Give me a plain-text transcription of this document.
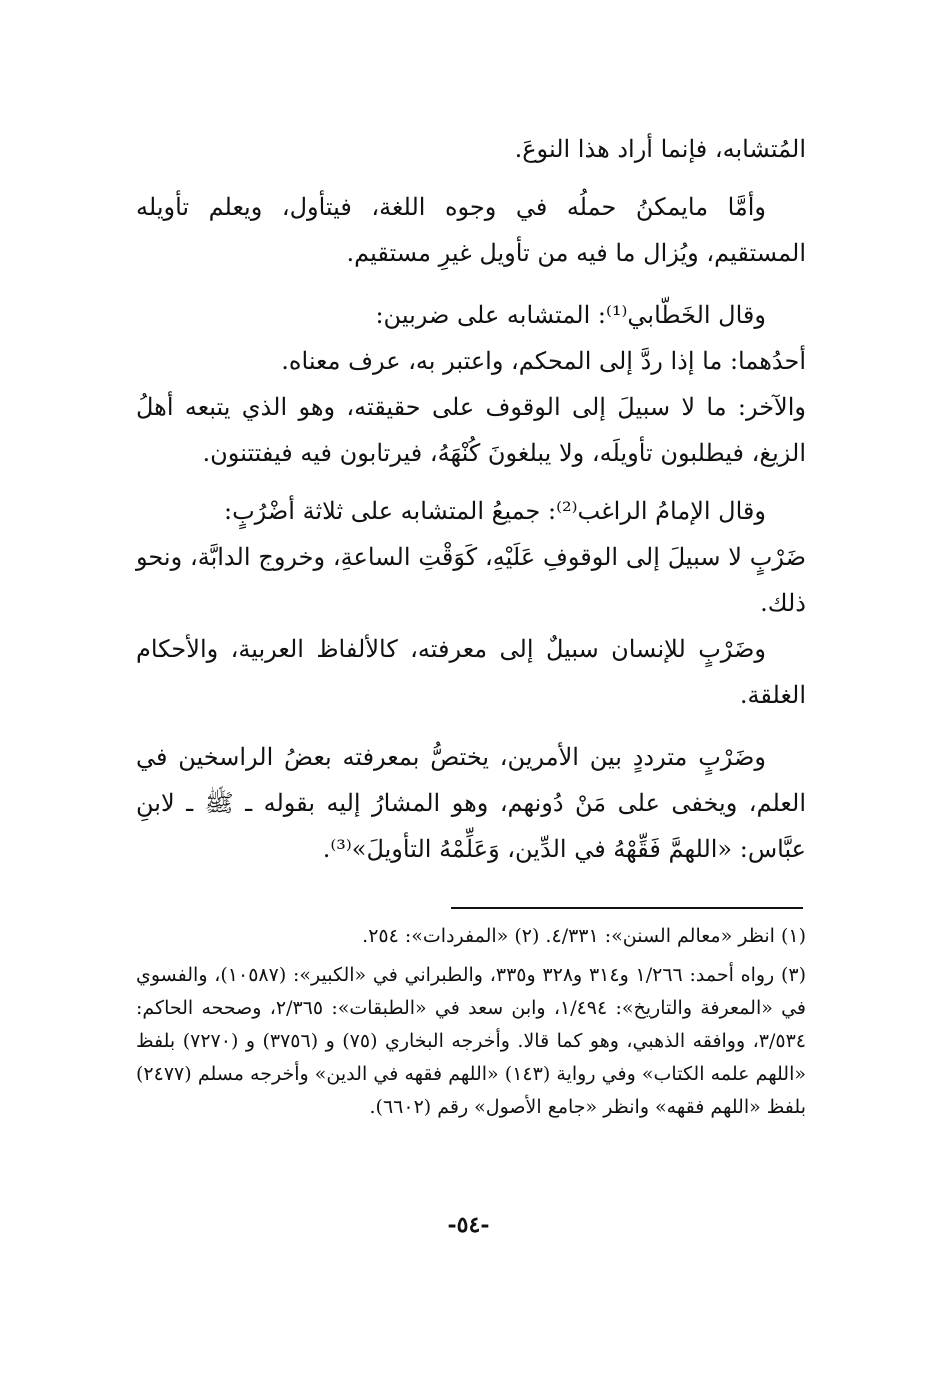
المُتشابه، فإنما أراد هذا النوعَ.

وأمَّا مايمكنُ حملُه في وجوه اللغة، فيتأول، ويعلم تأويله المستقيم، ويُزال ما فيه من تأويل غيرِ مستقيم.

وقال الخَطّابي⁽¹⁾: المتشابه على ضربين:

أحدُهما: ما إذا ردَّ إلى المحكم، واعتبر به، عرف معناه.

والآخر: ما لا سبيلَ إلى الوقوف على حقيقته، وهو الذي يتبعه أهلُ الزيغ، فيطلبون تأويلَه، ولا يبلغونَ كُنْهَهُ، فيرتابون فيه فيفتتنون.

وقال الإمامُ الراغب⁽²⁾: جميعُ المتشابه على ثلاثة أضْرُبٍ:

ضَرْبٍ لا سبيلَ إلى الوقوفِ عَلَيْهِ، كَوَقْتِ الساعةِ، وخروج الدابَّة، ونحو ذلك.

وضَرْبٍ للإنسان سبيلٌ إلى معرفته، كالألفاظ العربية، والأحكام الغلقة.

وضَرْبٍ مترددٍ بين الأمرين، يختصُّ بمعرفته بعضُ الراسخين في العلم، ويخفى على مَنْ دُونهم، وهو المشارُ إليه بقوله ـ ﷺ ـ لابنِ عبَّاس: «اللهمَّ فَقِّهْهُ في الدِّين، وَعَلِّمْهُ التأويلَ»⁽³⁾.

(١) انظر «معالم السنن»: ٤/٣٣١. (٢) «المفردات»: ٢٥٤.

(٣) رواه أحمد: ١/٢٦٦ و٣١٤ و٣٢٨ و٣٣٥، والطبراني في «الكبير»: (١٠٥٨٧)، والفسوي في «المعرفة والتاريخ»: ١/٤٩٤، وابن سعد في «الطبقات»: ٢/٣٦٥، وصححه الحاكم: ٣/٥٣٤، ووافقه الذهبي، وهو كما قالا. وأخرجه البخاري (٧٥) و (٣٧٥٦) و (٧٢٧٠) بلفظ «اللهم علمه الكتاب» وفي رواية (١٤٣) «اللهم فقهه في الدين» وأخرجه مسلم (٢٤٧٧) بلفظ «اللهم فقهه» وانظر «جامع الأصول» رقم (٦٦٠٢).

-٥٤-
